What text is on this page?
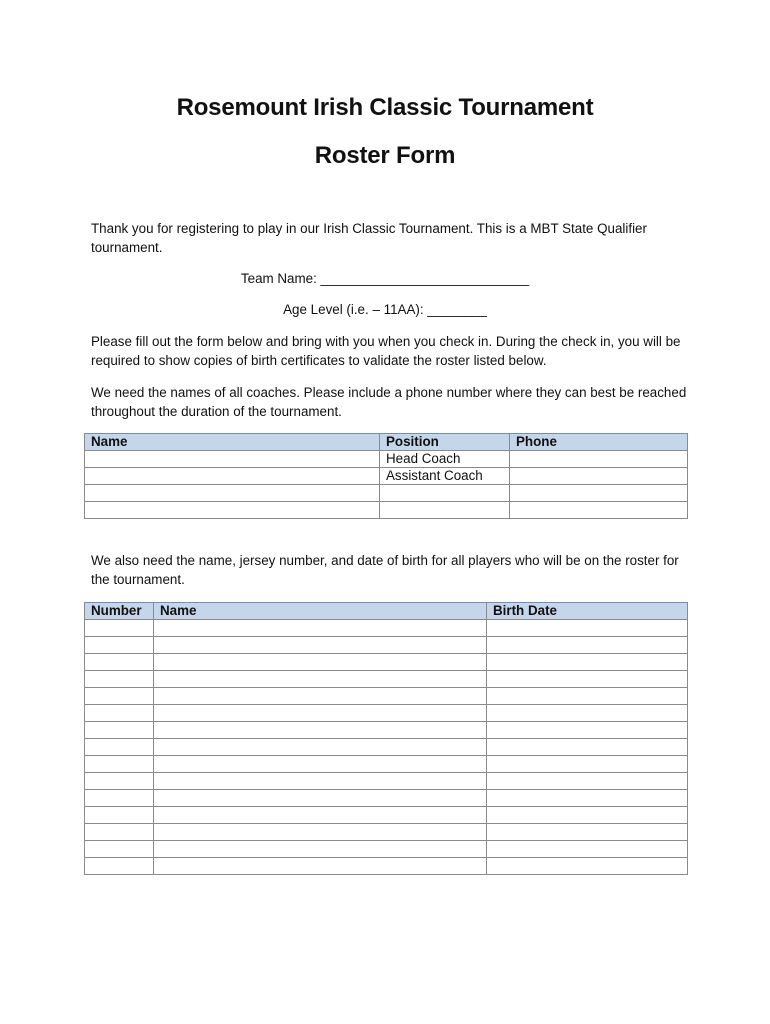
Rosemount Irish Classic Tournament
Roster Form
Thank you for registering to play in our Irish Classic Tournament. This is a MBT State Qualifier tournament.
Team Name: ____________________________
Age Level (i.e. – 11AA): ________
Please fill out the form below and bring with you when you check in. During the check in, you will be required to show copies of birth certificates to validate the roster listed below.
We need the names of all coaches. Please include a phone number where they can best be reached throughout the duration of the tournament.
Name	Position	Phone
	Head Coach	
	Assistant Coach	

We also need the name, jersey number, and date of birth for all players who will be on the roster for the tournament.
Number	Name	Birth Date
